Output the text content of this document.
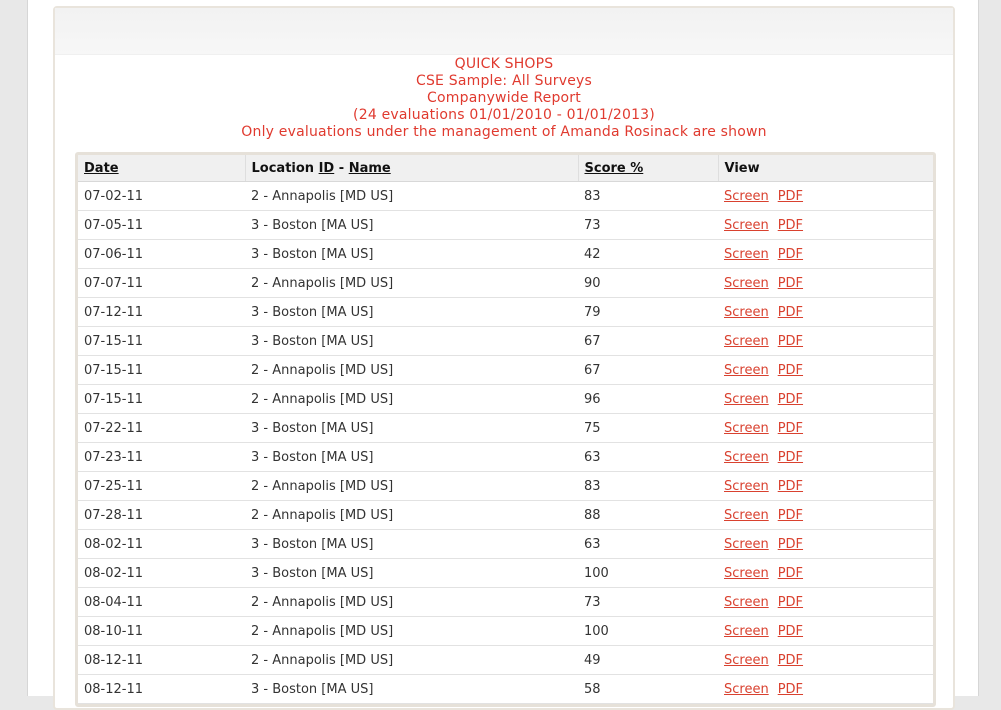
QUICK SHOPS
CSE Sample: All Surveys
Companywide Report
(24 evaluations 01/01/2010 - 01/01/2013)
Only evaluations under the management of Amanda Rosinack are shown
Date	Location ID - Name	Score %	View
07-02-11	2 - Annapolis [MD US]	83	Screen PDF
07-05-11	3 - Boston [MA US]	73	Screen PDF
07-06-11	3 - Boston [MA US]	42	Screen PDF
07-07-11	2 - Annapolis [MD US]	90	Screen PDF
07-12-11	3 - Boston [MA US]	79	Screen PDF
07-15-11	3 - Boston [MA US]	67	Screen PDF
07-15-11	2 - Annapolis [MD US]	67	Screen PDF
07-15-11	2 - Annapolis [MD US]	96	Screen PDF
07-22-11	3 - Boston [MA US]	75	Screen PDF
07-23-11	3 - Boston [MA US]	63	Screen PDF
07-25-11	2 - Annapolis [MD US]	83	Screen PDF
07-28-11	2 - Annapolis [MD US]	88	Screen PDF
08-02-11	3 - Boston [MA US]	63	Screen PDF
08-02-11	3 - Boston [MA US]	100	Screen PDF
08-04-11	2 - Annapolis [MD US]	73	Screen PDF
08-10-11	2 - Annapolis [MD US]	100	Screen PDF
08-12-11	2 - Annapolis [MD US]	49	Screen PDF
08-12-11	3 - Boston [MA US]	58	Screen PDF
